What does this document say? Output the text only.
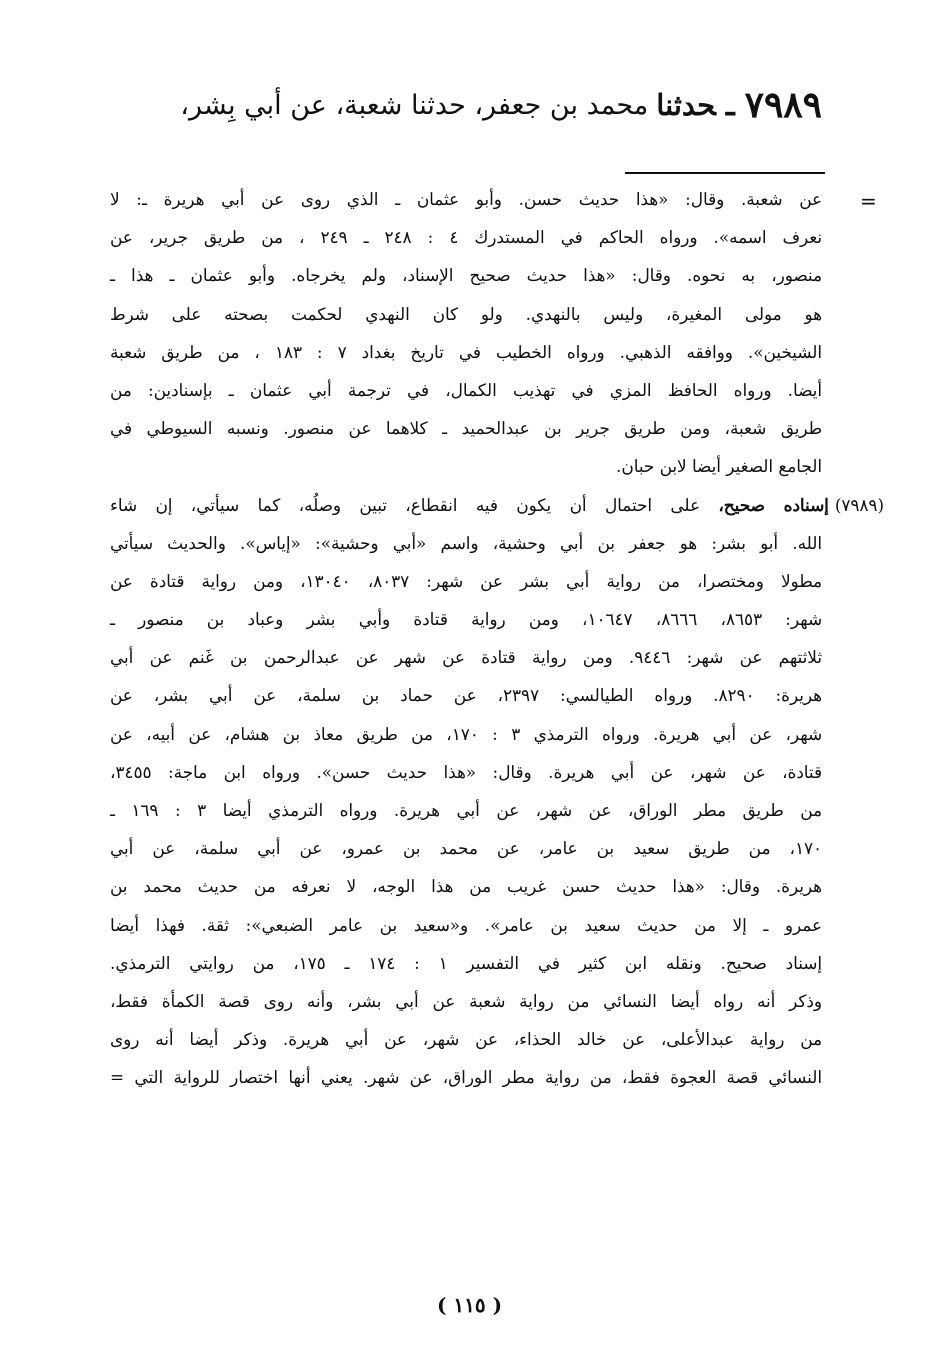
٧٩٨٩ـحدثنامحمد بن جعفر، حدثنا شعبة، عن أبي بِشر،
=
عن شعبة. وقال: «هذا حديث حسن. وأبو عثمان ـ الذي روى عن أبي هريرة ـ: لا
نعرف اسمه». ورواه الحاكم في المستدرك ٤ : ٢٤٨ ـ ٢٤٩ ، من طريق جرير، عن
منصور، به نحوه. وقال: «هذا حديث صحيح الإسناد، ولم يخرجاه. وأبو عثمان ـ هذا ـ
هو مولى المغيرة، وليس بالنهدي. ولو كان النهدي لحكمت بصحته على شرط
الشيخين». ووافقه الذهبي. ورواه الخطيب في تاريخ بغداد ٧ : ١٨٣ ، من طريق شعبة
أيضا. ورواه الحافظ المزي في تهذيب الكمال، في ترجمة أبي عثمان ـ بإسنادين: من
طريق شعبة، ومن طريق جرير بن عبدالحميد ـ كلاهما عن منصور. ونسبه السيوطي في
الجامع الصغير أيضا لابن حبان.
(٧٩٨٩)إسناده صحيح، على احتمال أن يكون فيه انقطاع، تبين وصلُه، كما سيأتي، إن شاء
الله. أبو بشر: هو جعفر بن أبي وحشية، واسم «أبي وحشية»: «إياس». والحديث سيأتي
مطولا ومختصرا، من رواية أبي بشر عن شهر: ٨٠٣٧، ١٣٠٤٠، ومن رواية قتادة عن
شهر: ٨٦٥٣، ٨٦٦٦، ١٠٦٤٧، ومن رواية قتادة وأبي بشر وعباد بن منصور ـ
ثلاثتهم عن شهر: ٩٤٤٦. ومن رواية قتادة عن شهر عن عبدالرحمن بن غَنم عن أبي
هريرة: ٨٢٩٠. ورواه الطيالسي: ٢٣٩٧، عن حماد بن سلمة، عن أبي بشر، عن
شهر، عن أبي هريرة. ورواه الترمذي ٣ : ١٧٠، من طريق معاذ بن هشام، عن أبيه، عن
قتادة، عن شهر، عن أبي هريرة. وقال: «هذا حديث حسن». ورواه ابن ماجة: ٣٤٥٥،
من طريق مطر الوراق، عن شهر، عن أبي هريرة. ورواه الترمذي أيضا ٣ : ١٦٩ ـ
١٧٠، من طريق سعيد بن عامر، عن محمد بن عمرو، عن أبي سلمة، عن أبي
هريرة. وقال: «هذا حديث حسن غريب من هذا الوجه، لا نعرفه من حديث محمد بن
عمرو ـ إلا من حديث سعيد بن عامر». و«سعيد بن عامر الضبعي»: ثقة. فهذا أيضا
إسناد صحيح. ونقله ابن كثير في التفسير ١ : ١٧٤ ـ ١٧٥، من روايتي الترمذي.
وذكر أنه رواه أيضا النسائي من رواية شعبة عن أبي بشر، وأنه روى قصة الكمأة فقط،
من رواية عبدالأعلى، عن خالد الحذاء، عن شهر، عن أبي هريرة. وذكر أيضا أنه روى
النسائي قصة العجوة فقط، من رواية مطر الوراق، عن شهر. يعني أنها اختصار للرواية التي =
( ١١٥ )
